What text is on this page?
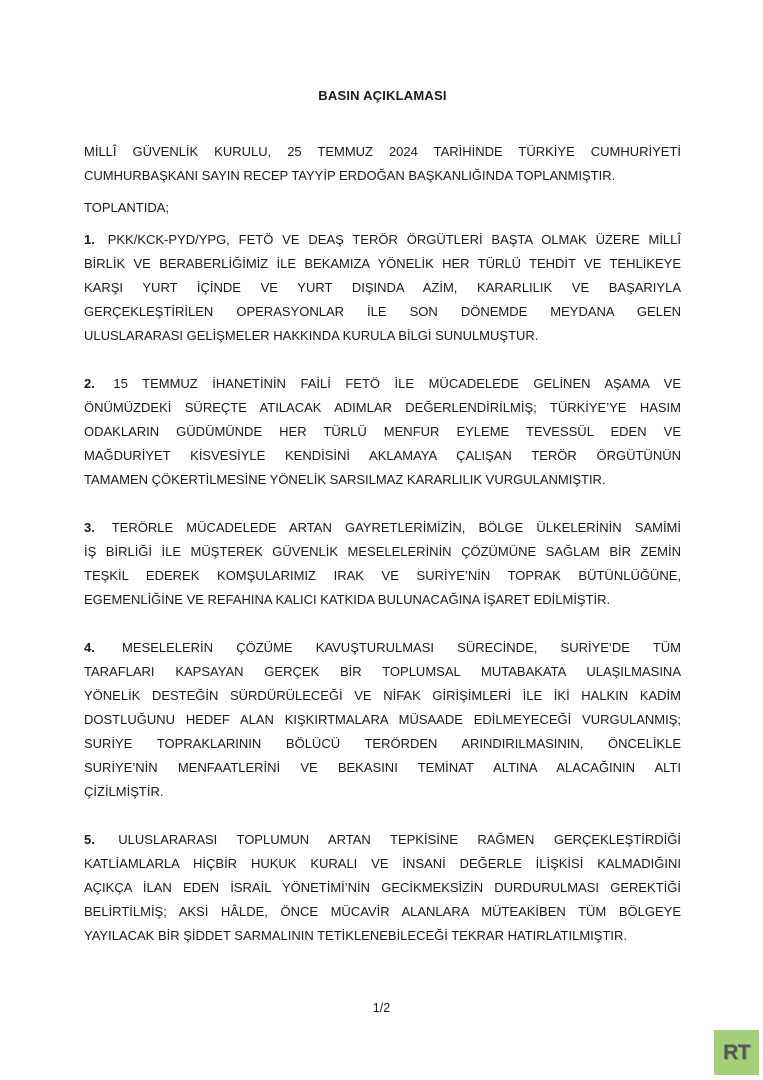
BASIN AÇIKLAMASI
MİLLÎ GÜVENLİK KURULU, 25 TEMMUZ 2024 TARİHİNDE TÜRKİYE CUMHURİYETİ
CUMHURBAŞKANI SAYIN RECEP TAYYİP ERDOĞAN BAŞKANLIĞINDA TOPLANMIŞTIR.
TOPLANTIDA;
1. PKK/KCK-PYD/YPG, FETÖ VE DEAŞ TERÖR ÖRGÜTLERİ BAŞTA OLMAK ÜZERE MİLLÎ
BİRLİK VE BERABERLİĞİMİZ İLE BEKAMIZA YÖNELİK HER TÜRLÜ TEHDİT VE TEHLİKEYE
KARŞI YURT İÇİNDE VE YURT DIŞINDA AZİM, KARARLILIK VE BAŞARIYLA
GERÇEKLEŞTİRİLEN OPERASYONLAR İLE SON DÖNEMDE MEYDANA GELEN
ULUSLARARASI GELİŞMELER HAKKINDA KURULA BİLGİ SUNULMUŞTUR.
2. 15 TEMMUZ İHANETİNİN FAİLİ FETÖ İLE MÜCADELEDE GELİNEN AŞAMA VE
ÖNÜMÜZDEKİ SÜREÇTE ATILACAK ADIMLAR DEĞERLENDİRİLMİŞ; TÜRKİYE’YE HASIM
ODAKLARIN GÜDÜMÜNDE HER TÜRLÜ MENFUR EYLEME TEVESSÜL EDEN VE
MAĞDURİYET KİSVESİYLE KENDİSİNİ AKLAMAYA ÇALIŞAN TERÖR ÖRGÜTÜNÜN
TAMAMEN ÇÖKERTİLMESİNE YÖNELİK SARSILMAZ KARARLILIK VURGULANMIŞTIR.
3. TERÖRLE MÜCADELEDE ARTAN GAYRETLERİMİZİN, BÖLGE ÜLKELERİNİN SAMİMİ
İŞ BİRLİĞİ İLE MÜŞTEREK GÜVENLİK MESELELERİNİN ÇÖZÜMÜNE SAĞLAM BİR ZEMİN
TEŞKİL EDEREK KOMŞULARIMIZ IRAK VE SURİYE’NİN TOPRAK BÜTÜNLÜĞÜNE,
EGEMENLİĞİNE VE REFAHINA KALICI KATKIDA BULUNACAĞINA İŞARET EDİLMİŞTİR.
4. MESELELERİN ÇÖZÜME KAVUŞTURULMASI SÜRECİNDE, SURİYE’DE TÜM
TARAFLARI KAPSAYAN GERÇEK BİR TOPLUMSAL MUTABAKATA ULAŞILMASINA
YÖNELİK DESTEĞİN SÜRDÜRÜLECEĞİ VE NİFAK GİRİŞİMLERİ İLE İKİ HALKIN KADİM
DOSTLUĞUNU HEDEF ALAN KIŞKIRTMALARA MÜSAADE EDİLMEYECEĞİ VURGULANMIŞ;
SURİYE TOPRAKLARININ BÖLÜCÜ TERÖRDEN ARINDIRILMASININ, ÖNCELİKLE
SURİYE’NİN MENFAATLERİNİ VE BEKASINI TEMİNAT ALTINA ALACAĞININ ALTI
ÇİZİLMİŞTİR.
5. ULUSLARARASI TOPLUMUN ARTAN TEPKİSİNE RAĞMEN GERÇEKLEŞTİRDİĞİ
KATLİAMLARLA HİÇBİR HUKUK KURALI VE İNSANİ DEĞERLE İLİŞKİSİ KALMADIĞINI
AÇIKÇA İLAN EDEN İSRAİL YÖNETİMİ’NİN GECİKMEKSİZİN DURDURULMASI GEREKTİĞİ
BELİRTİLMİŞ; AKSİ HÂLDE, ÖNCE MÜCAVİR ALANLARA MÜTEAKİBEN TÜM BÖLGEYE
YAYILACAK BİR ŞİDDET SARMALININ TETİKLENEBİLECEĞİ TEKRAR HATIRLATILMIŞTIR.
1/2
RT
